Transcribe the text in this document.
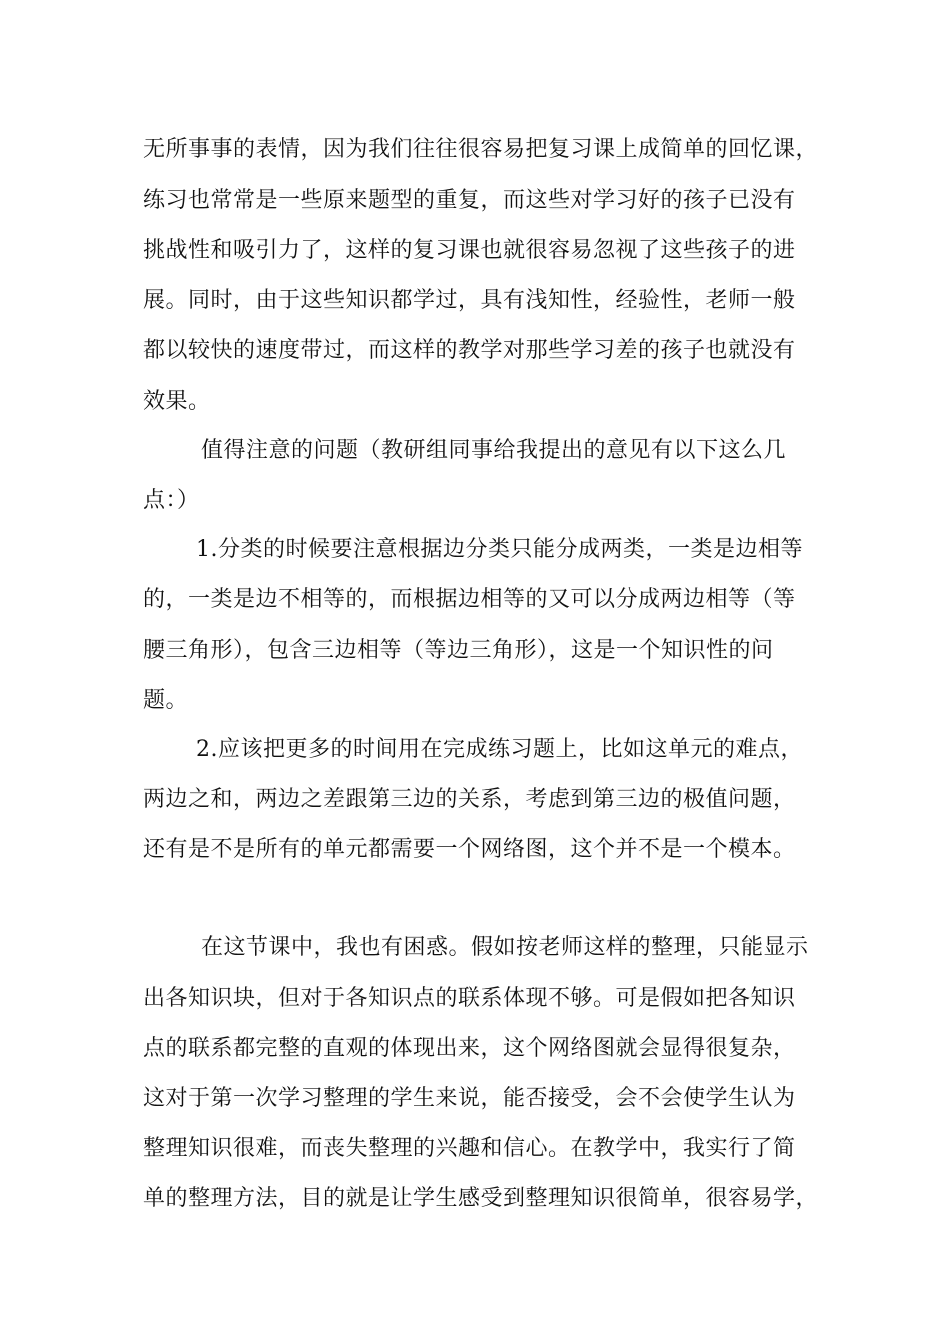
无所事事的表情，因为我们往往很容易把复习课上成简单的回忆课，
练习也常常是一些原来题型的重复，而这些对学习好的孩子已没有
挑战性和吸引力了，这样的复习课也就很容易忽视了这些孩子的进
展。同时，由于这些知识都学过，具有浅知性，经验性，老师一般
都以较快的速度带过，而这样的教学对那些学习差的孩子也就没有
效果。
值得注意的问题（教研组同事给我提出的意见有以下这么几
点：）
1.分类的时候要注意根据边分类只能分成两类，一类是边相等
的，一类是边不相等的，而根据边相等的又可以分成两边相等（等
腰三角形），包含三边相等（等边三角形），这是一个知识性的问
题。
2.应该把更多的时间用在完成练习题上，比如这单元的难点，
两边之和，两边之差跟第三边的关系，考虑到第三边的极值问题，
还有是不是所有的单元都需要一个网络图，这个并不是一个模本。
在这节课中，我也有困惑。假如按老师这样的整理，只能显示
出各知识块，但对于各知识点的联系体现不够。可是假如把各知识
点的联系都完整的直观的体现出来，这个网络图就会显得很复杂，
这对于第一次学习整理的学生来说，能否接受，会不会使学生认为
整理知识很难，而丧失整理的兴趣和信心。在教学中，我实行了简
单的整理方法，目的就是让学生感受到整理知识很简单，很容易学，
